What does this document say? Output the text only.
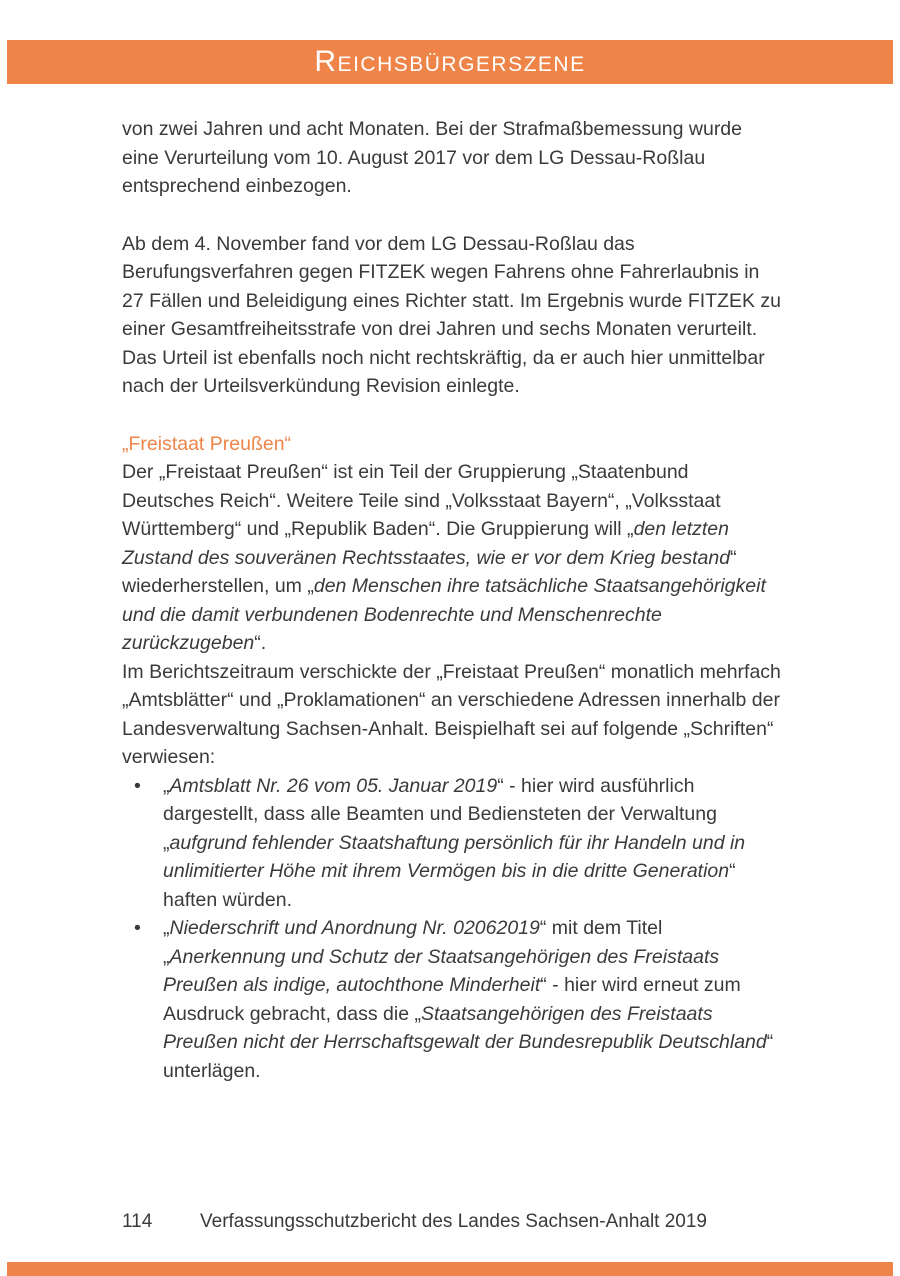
Reichsbürgerszene

von zwei Jahren und acht Monaten. Bei der Strafmaßbemessung wurde eine Verurteilung vom 10. August 2017 vor dem LG Dessau-Roßlau entsprechend einbezogen.

Ab dem 4. November fand vor dem LG Dessau-Roßlau das Berufungsverfahren gegen FITZEK wegen Fahrens ohne Fahrerlaubnis in 27 Fällen und Beleidigung eines Richter statt. Im Ergebnis wurde FITZEK zu einer Gesamtfreiheitsstrafe von drei Jahren und sechs Monaten verurteilt. Das Urteil ist ebenfalls noch nicht rechtskräftig, da er auch hier unmittelbar nach der Urteilsverkündung Revision einlegte.

„Freistaat Preußen“

Der „Freistaat Preußen“ ist ein Teil der Gruppierung „Staatenbund Deutsches Reich“. Weitere Teile sind „Volksstaat Bayern“, „Volksstaat Württemberg“ und „Republik Baden“. Die Gruppierung will „den letzten Zustand des souveränen Rechtsstaates, wie er vor dem Krieg bestand“ wiederherstellen, um „den Menschen ihre tatsächliche Staatsangehörigkeit und die damit verbundenen Bodenrechte und Menschenrechte zurückzugeben“.

Im Berichtszeitraum verschickte der „Freistaat Preußen“ monatlich mehrfach „Amtsblätter“ und „Proklamationen“ an verschiedene Adressen innerhalb der Landesverwaltung Sachsen-Anhalt. Beispielhaft sei auf folgende „Schriften“ verwiesen:

•	„Amtsblatt Nr. 26 vom 05. Januar 2019“ - hier wird ausführlich dargestellt, dass alle Beamten und Bediensteten der Verwaltung „aufgrund fehlender Staatshaftung persönlich für ihr Handeln und in unlimitierter Höhe mit ihrem Vermögen bis in die dritte Generation“ haften würden.
•	„Niederschrift und Anordnung Nr. 02062019“ mit dem Titel „Anerkennung und Schutz der Staatsangehörigen des Freistaats Preußen als indige, autochthone Minderheit“ - hier wird erneut zum Ausdruck gebracht, dass die „Staatsangehörigen des Freistaats Preußen nicht der Herrschaftsgewalt der Bundesrepublik Deutschland“ unterlägen.
114	Verfassungsschutzbericht des Landes Sachsen-Anhalt 2019
